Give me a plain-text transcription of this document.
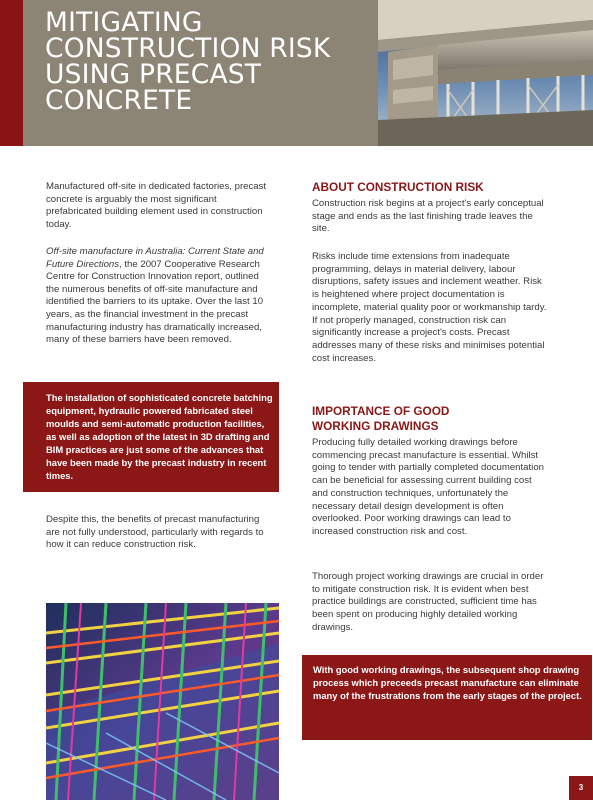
MITIGATING
CONSTRUCTION RISK
USING PRECAST
CONCRETE
Manufactured off-site in dedicated factories, precast concrete is arguably the most significant prefabricated building element used in construction today.
Off-site manufacture in Australia: Current State and Future Directions, the 2007 Cooperative Research Centre for Construction Innovation report, outlined the numerous benefits of off-site manufacture and identified the barriers to its uptake. Over the last 10 years, as the financial investment in the precast manufacturing industry has dramatically increased, many of these barriers have been removed.
The installation of sophisticated concrete batching equipment, hydraulic powered fabricated steel moulds and semi-automatic production facilities, as well as adoption of the latest in 3D drafting and BIM practices are just some of the advances that have been made by the precast industry in recent times.
Despite this, the benefits of precast manufacturing are not fully understood, particularly with regards to how it can reduce construction risk.
ABOUT CONSTRUCTION RISK
Construction risk begins at a project's early conceptual stage and ends as the last finishing trade leaves the site.
Risks include time extensions from inadequate programming, delays in material delivery, labour disruptions, safety issues and inclement weather. Risk is heightened where project documentation is incomplete, material quality poor or workmanship tardy. If not properly managed, construction risk can significantly increase a project's costs. Precast addresses many of these risks and minimises potential cost increases.
IMPORTANCE OF GOOD
WORKING DRAWINGS
Producing fully detailed working drawings before commencing precast manufacture is essential. Whilst going to tender with partially completed documentation can be beneficial for assessing current building cost and construction techniques, unfortunately the necessary detail design development is often overlooked. Poor working drawings can lead to increased construction risk and cost.
Thorough project working drawings are crucial in order to mitigate construction risk. It is evident when best practice buildings are constructed, sufficient time has been spent on producing highly detailed working drawings.
With good working drawings, the subsequent shop drawing process which preceeds precast manufacture can eliminate many of the frustrations from the early stages of the project.
3
